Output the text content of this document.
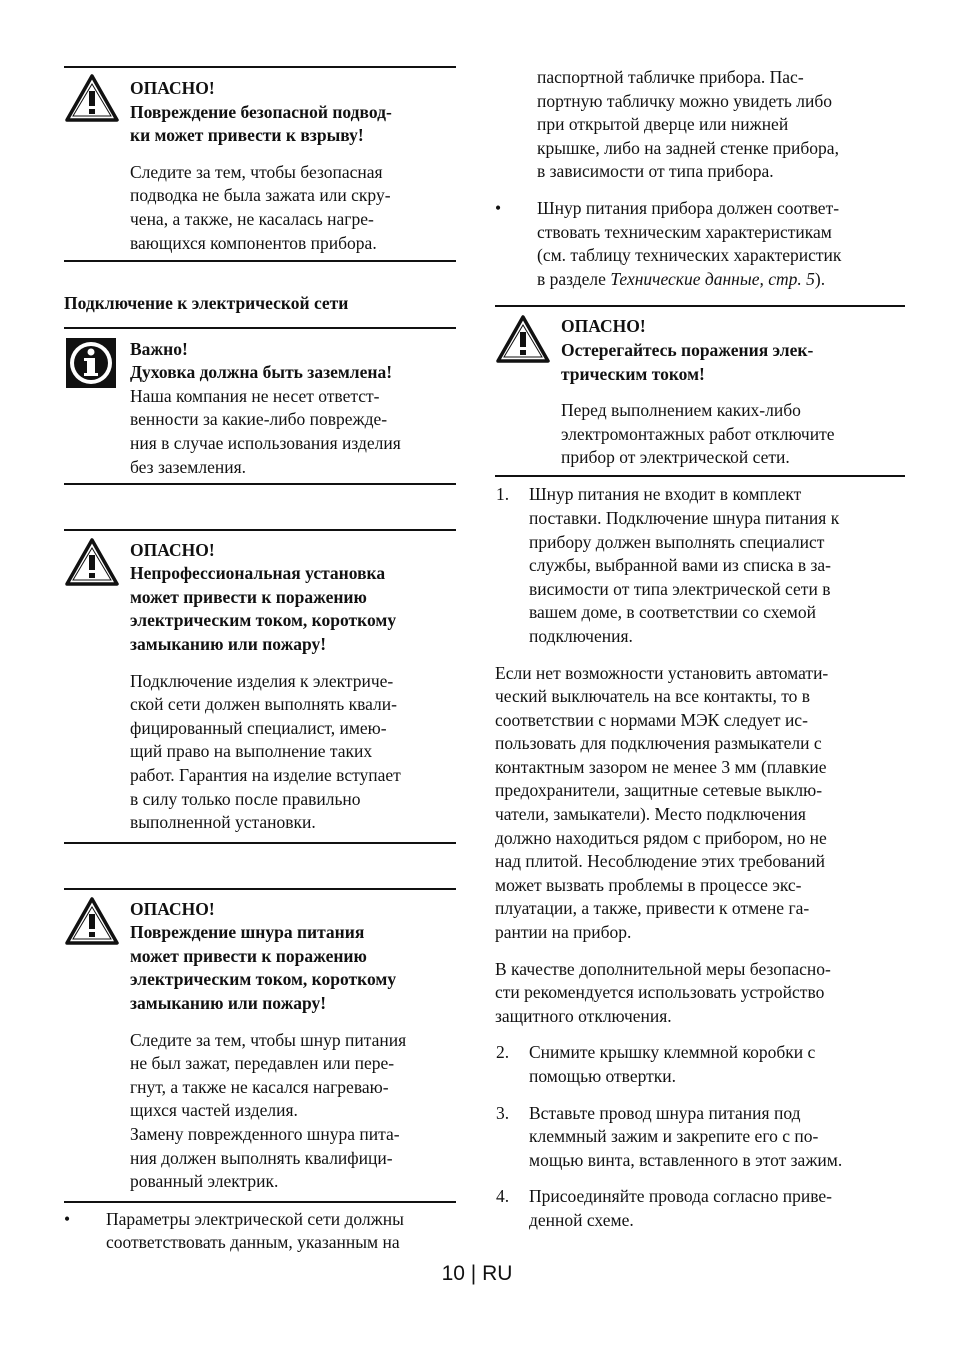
ОПАСНО!

Повреждение безопасной подвод-

ки может привести к взрыву!

Следите за тем, чтобы безопасная

подводка не была зажата или скру-

чена, а также, не касалась нагре-

вающихся компонентов прибора.

Подключение к электрической сети

Важно!

Духовка должна быть заземлена!

Наша компания не несет ответст-

венности за какие-либо поврежде-

ния в случае использования изделия

без заземления.

ОПАСНО!

Непрофессиональная установка

может привести к поражению

электрическим током, короткому

замыканию или пожару!

Подключение изделия к электриче-

ской сети должен выполнять квали-

фицированный специалист, имею-

щий право на выполнение таких

работ. Гарантия на изделие вступает

в силу только после правильно

выполненной установки.

ОПАСНО!

Повреждение шнура питания

может привести к поражению

электрическим током, короткому

замыканию или пожару!

Следите за тем, чтобы шнур питания

не был зажат, передавлен или пере-

гнут, а также не касался нагреваю-

щихся частей изделия.

Замену поврежденного шнура пита-

ния должен выполнять квалифици-

рованный электрик.

• Параметры электрической сети должны

соответствовать данным, указанным на

паспортной табличке прибора. Пас-

портную табличку можно увидеть либо

при открытой дверце или нижней

крышке, либо на задней стенке прибора,

в зависимости от типа прибора.

• Шнур питания прибора должен соответ-

ствовать техническим характеристикам

(см. таблицу технических характеристик

в разделе Технические данные, стр. 5).

ОПАСНО!

Остерегайтесь поражения элек-

трическим током!

Перед выполнением каких-либо

электромонтажных работ отключите

прибор от электрической сети.

1. Шнур питания не входит в комплект

поставки. Подключение шнура питания к

прибору должен выполнять специалист

службы, выбранной вами из списка в за-

висимости от типа электрической сети в

вашем доме, в соответствии со схемой

подключения.

Если нет возможности установить автомати-

ческий выключатель на все контакты, то в

соответствии с нормами МЭК следует ис-

пользовать для подключения размыкатели с

контактным зазором не менее 3 мм (плавкие

предохранители, защитные сетевые выклю-

чатели, замыкатели). Место подключения

должно находиться рядом с прибором, но не

над плитой. Несоблюдение этих требований

может вызвать проблемы в процессе экс-

плуатации, а также, привести к отмене га-

рантии на прибор.

В качестве дополнительной меры безопасно-

сти рекомендуется использовать устройство

защитного отключения.

2. Снимите крышку клеммной коробки с

помощью отвертки.

3. Вставьте провод шнура питания под

клеммный зажим и закрепите его с по-

мощью винта, вставленного в этот зажим.

4. Присоединяйте провода согласно приве-

денной схеме.

10 | RU
